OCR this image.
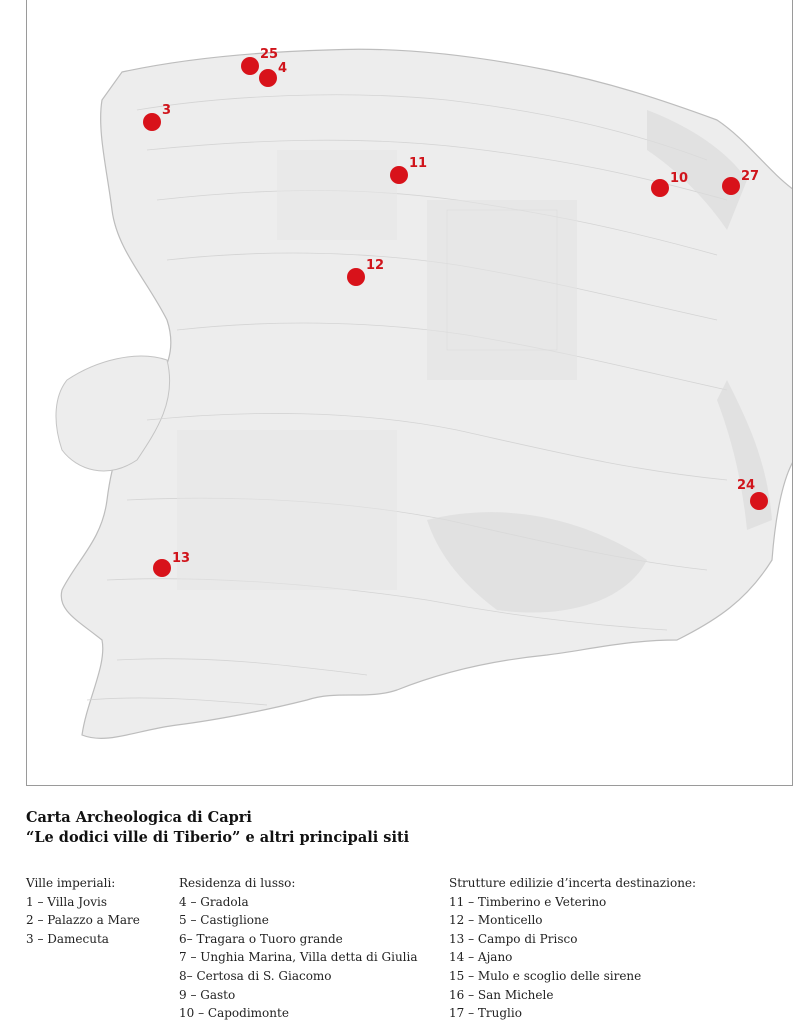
25
4
3
11
10	27
12
24
13

Carta Archeologica di Capri

“Le dodici ville di Tiberio” e altri principali siti

Ville imperiali:
1 – Villa Jovis
2 – Palazzo a Mare
3 – Damecuta
Residenza di lusso:
4 – Gradola
5 – Castiglione
6– Tragara o Tuoro grande
7 – Unghia Marina, Villa detta di Giulia
8– Certosa di S. Giacomo
9 – Gasto
10 – Capodimonte
Strutture edilizie d’incerta destinazione:
11 – Timberino e Veterino
12 – Monticello
13 – Campo di Prisco
14 – Ajano
15 – Mulo e scoglio delle sirene
16 – San Michele
17 – Truglio
